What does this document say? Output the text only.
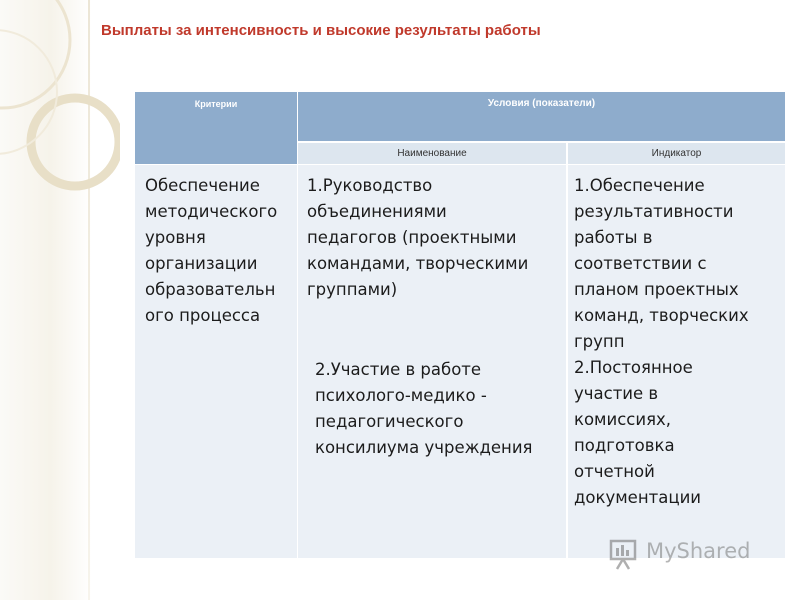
Выплаты за интенсивность и высокие результаты работы
Критерии	Условия (показатели)
Наименование	Индикатор

Обеспечение
методического
уровня
организации
образовательн
ого процесса

1.Руководство
объединениями
педагогов (проектными
командами, творческими
группами)

2.Участие в работе
психолого-медико -
педагогического
консилиума учреждения

1.Обеспечение
результативности
работы в
соответствии с
планом проектных
команд, творческих
групп

2.Постоянное
участие в
комиссиях,
подготовка
отчетной
документации

MyShared
